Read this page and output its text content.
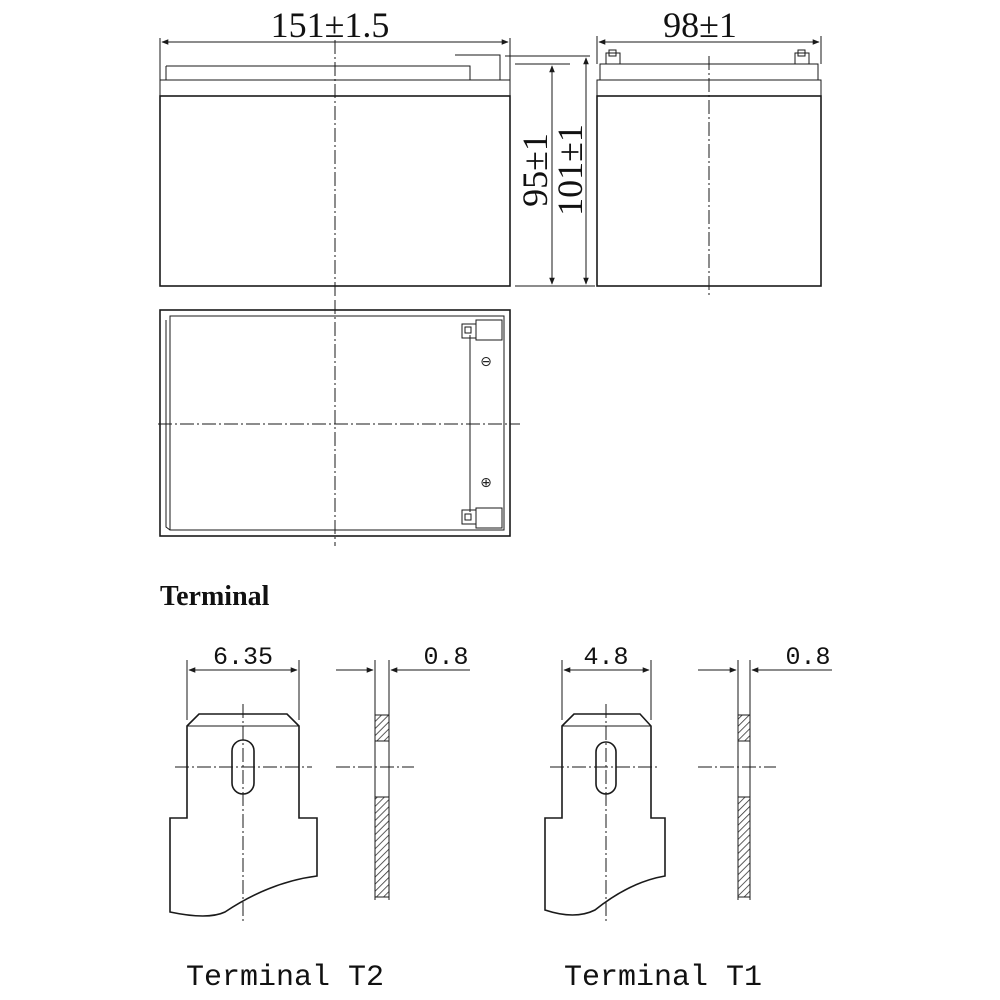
151±1.5
95±1
101±1
98±1
⊖
⊕
Terminal
6.35	0.8
Terminal T2
4.8	0.8
Terminal T1
